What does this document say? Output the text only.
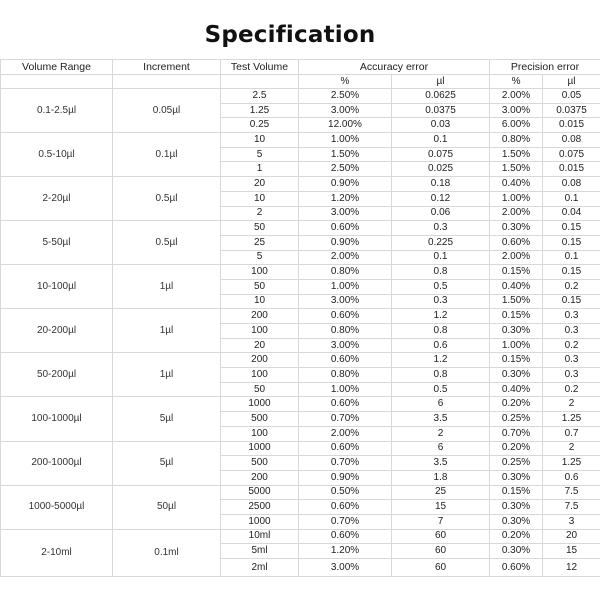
Specification
Volume Range	Increment	Test Volume	Accuracy error		Precision error	
			%	µl	%	µl
0.1-2.5µl	0.05µl	2.5	2.50%	0.0625	2.00%	0.05
		1.25	3.00%	0.0375	3.00%	0.0375
		0.25	12.00%	0.03	6.00%	0.015
0.5-10µl	0.1µl	10	1.00%	0.1	0.80%	0.08
		5	1.50%	0.075	1.50%	0.075
		1	2.50%	0.025	1.50%	0.015
2-20µl	0.5µl	20	0.90%	0.18	0.40%	0.08
		10	1.20%	0.12	1.00%	0.1
		2	3.00%	0.06	2.00%	0.04
5-50µl	0.5µl	50	0.60%	0.3	0.30%	0.15
		25	0.90%	0.225	0.60%	0.15
		5	2.00%	0.1	2.00%	0.1
10-100µl	1µl	100	0.80%	0.8	0.15%	0.15
		50	1.00%	0.5	0.40%	0.2
		10	3.00%	0.3	1.50%	0.15
20-200µl	1µl	200	0.60%	1.2	0.15%	0.3
		100	0.80%	0.8	0.30%	0.3
		20	3.00%	0.6	1.00%	0.2
50-200µl	1µl	200	0.60%	1.2	0.15%	0.3
		100	0.80%	0.8	0.30%	0.3
		50	1.00%	0.5	0.40%	0.2
100-1000µl	5µl	1000	0.60%	6	0.20%	2
		500	0.70%	3.5	0.25%	1.25
		100	2.00%	2	0.70%	0.7
200-1000µl	5µl	1000	0.60%	6	0.20%	2
		500	0.70%	3.5	0.25%	1.25
		200	0.90%	1.8	0.30%	0.6
1000-5000µl	50µl	5000	0.50%	25	0.15%	7.5
		2500	0.60%	15	0.30%	7.5
		1000	0.70%	7	0.30%	3
2-10ml	0.1ml	10ml	0.60%	60	0.20%	20
		5ml	1.20%	60	0.30%	15
		2ml	3.00%	60	0.60%	12
